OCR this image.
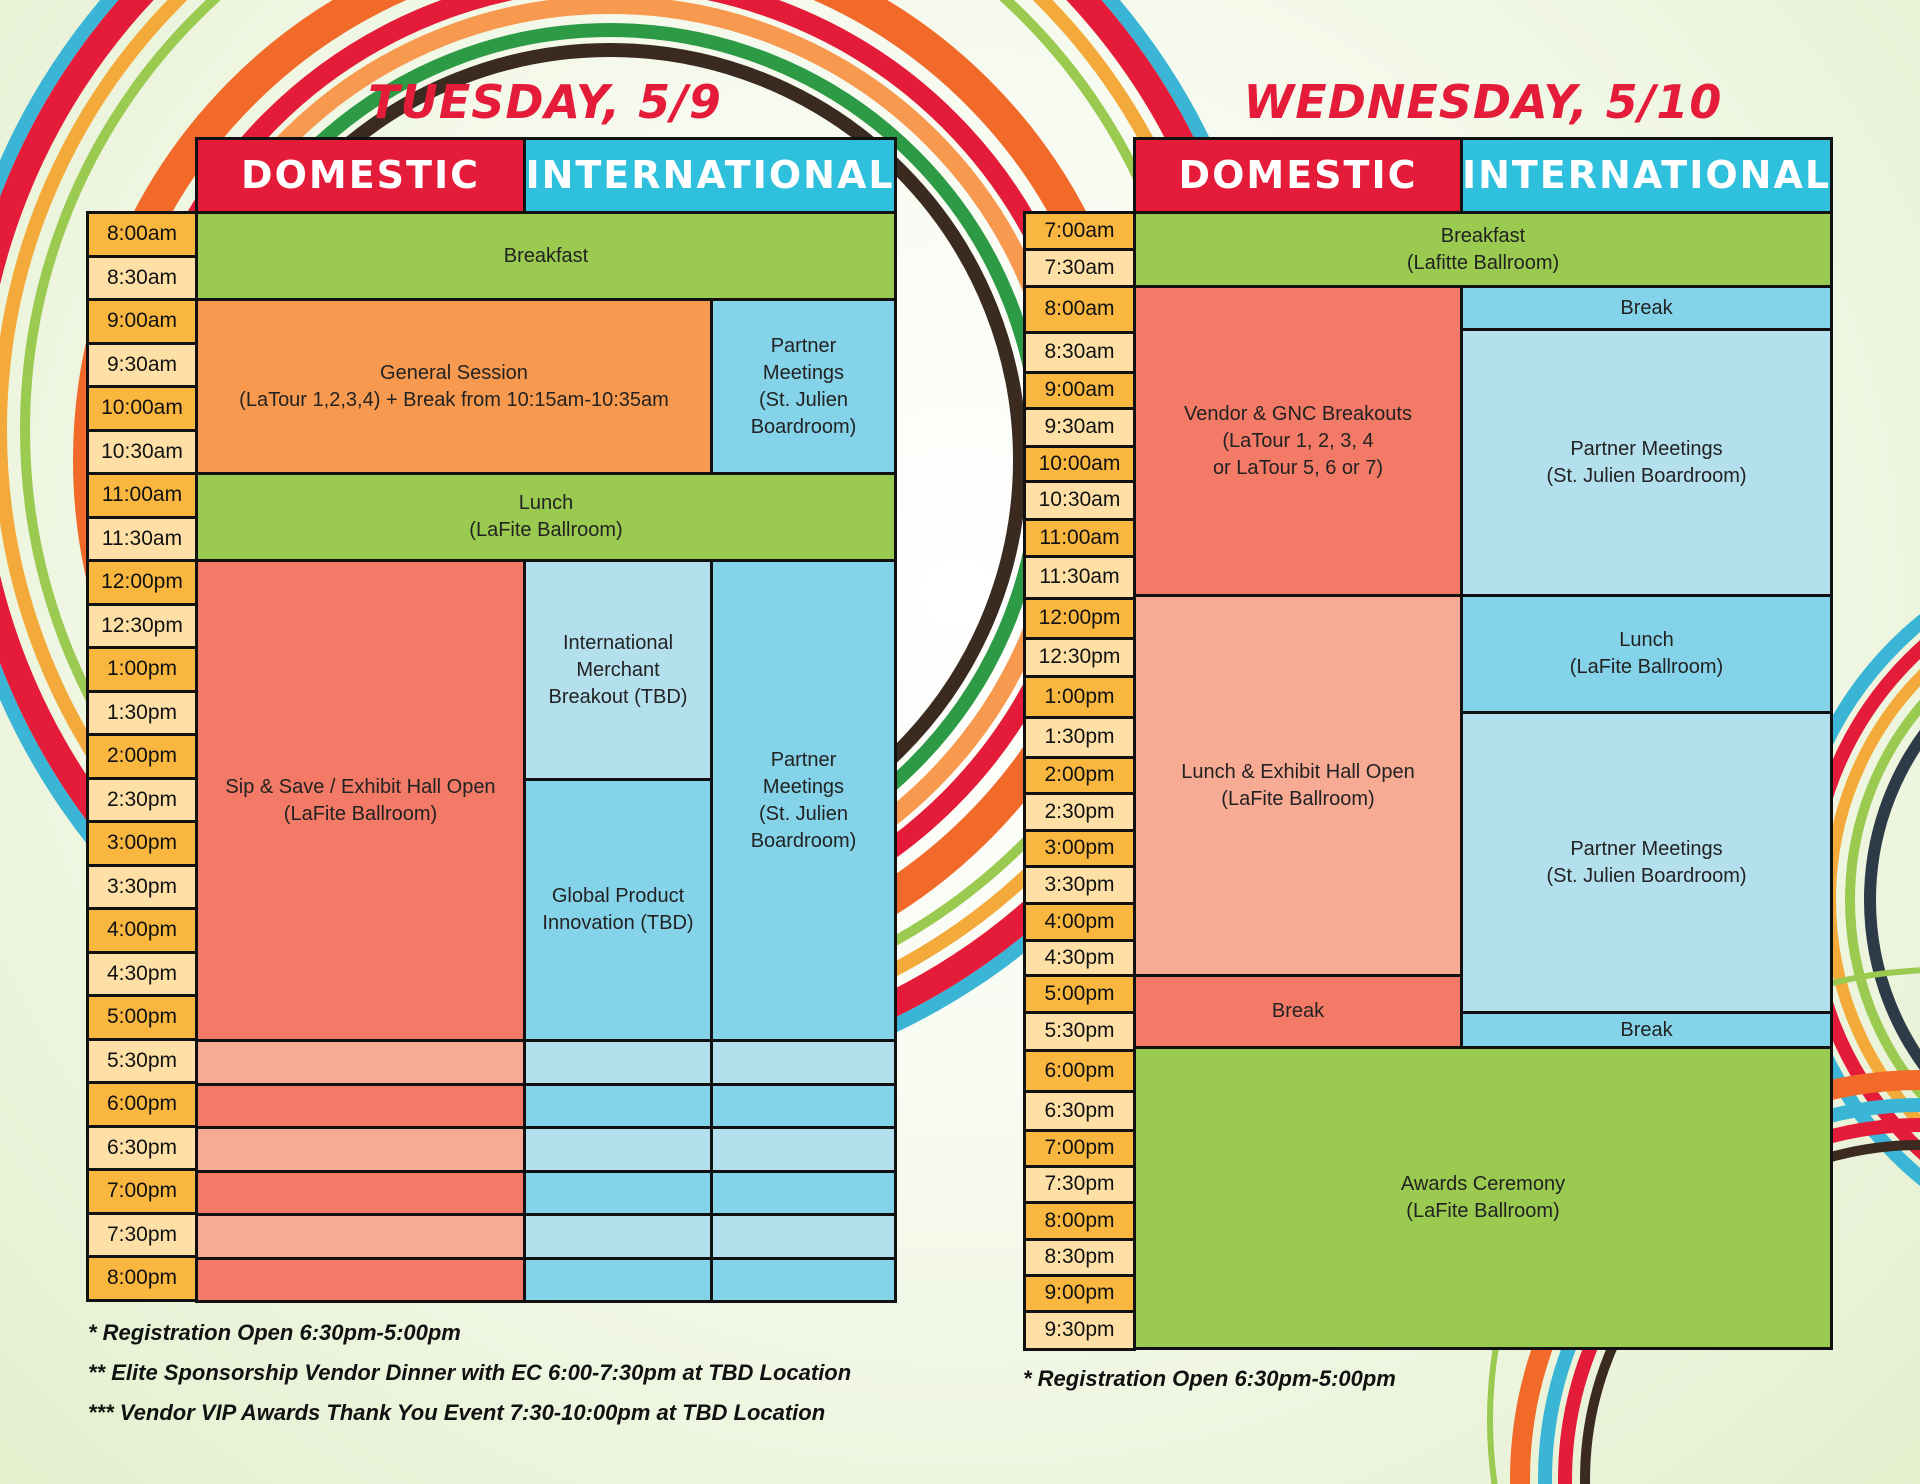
TUESDAY, 5/9
DOMESTIC	INTERNATIONAL
8:00am
8:30am
9:00am
9:30am
10:00am
10:30am
11:00am
11:30am
12:00pm
12:30pm
1:00pm
1:30pm
2:00pm
2:30pm
3:00pm
3:30pm
4:00pm
4:30pm
5:00pm
5:30pm
6:00pm
6:30pm
7:00pm
7:30pm
8:00pm
Breakfast
General Session
(LaTour 1,2,3,4) + Break from 10:15am-10:35am
Partner
Meetings
(St. Julien
Boardroom)
Lunch
(LaFite Ballroom)
Sip & Save / Exhibit Hall Open
(LaFite Ballroom)
International
Merchant
Breakout (TBD)
Global Product
Innovation (TBD)
Partner
Meetings
(St. Julien
Boardroom)

* Registration Open 6:30pm-5:00pm

** Elite Sponsorship Vendor Dinner with EC 6:00-7:30pm at TBD Location

*** Vendor VIP Awards Thank You Event 7:30-10:00pm at TBD Location

WEDNESDAY, 5/10
DOMESTIC	INTERNATIONAL
7:00am
7:30am
8:00am
8:30am
9:00am
9:30am
10:00am
10:30am
11:00am
11:30am
12:00pm
12:30pm
1:00pm
1:30pm
2:00pm
2:30pm
3:00pm
3:30pm
4:00pm
4:30pm
5:00pm
5:30pm
6:00pm
6:30pm
7:00pm
7:30pm
8:00pm
8:30pm
9:00pm
9:30pm
Breakfast
(Lafitte Ballroom)
Vendor & GNC Breakouts
(LaTour 1, 2, 3, 4
or LaTour 5, 6 or 7)
Break
Partner Meetings
(St. Julien Boardroom)
Lunch & Exhibit Hall Open
(LaFite Ballroom)
Lunch
(LaFite Ballroom)
Partner Meetings
(St. Julien Boardroom)
Break
Break
Awards Ceremony
(LaFite Ballroom)

* Registration Open 6:30pm-5:00pm
